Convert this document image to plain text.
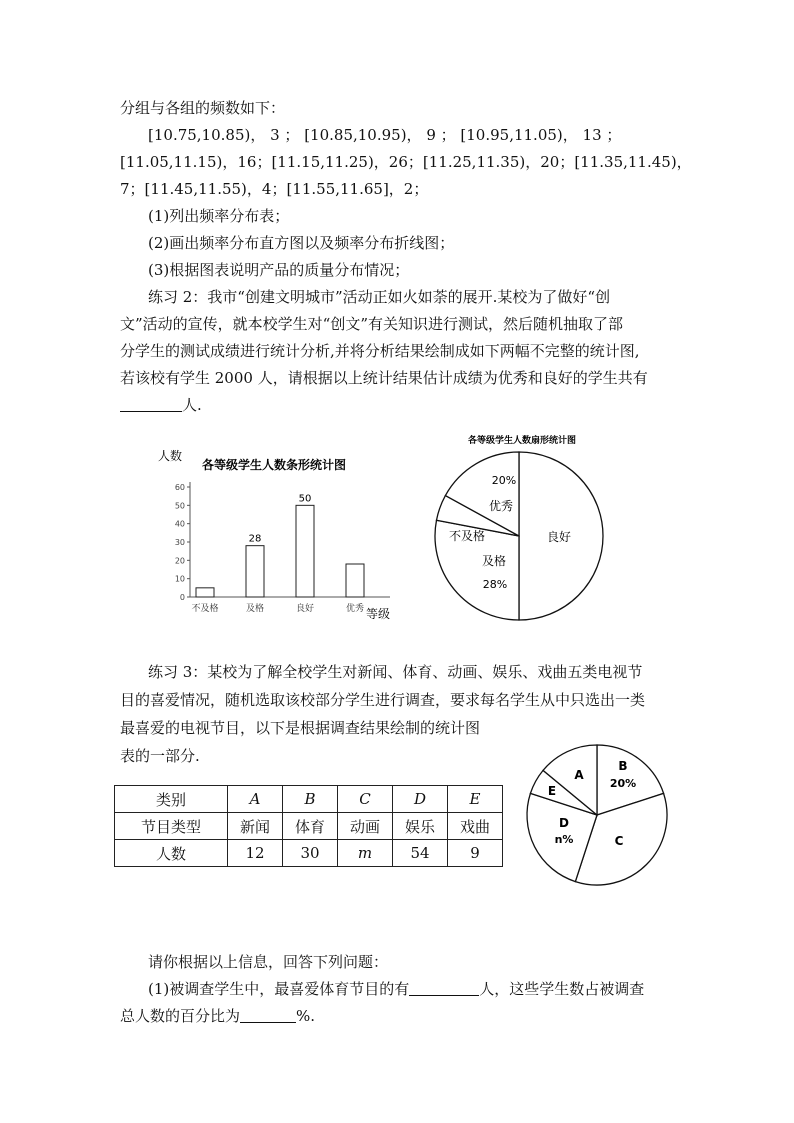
分组与各组的频数如下：
[10.75,10.85)， 3 ； [10.85,10.95)， 9 ； [10.95,11.05)， 13 ；
[11.05,11.15)，16；[11.15,11.25)，26；[11.25,11.35)，20；[11.35,11.45)，
7；[11.45,11.55)，4；[11.55,11.65]，2；
(1)列出频率分布表；
(2)画出频率分布直方图以及频率分布折线图；
(3)根据图表说明产品的质量分布情况；
练习 2：我市“创建文明城市”活动正如火如荼的展开.某校为了做好“创
文”活动的宣传，就本校学生对“创文”有关知识进行测试，然后随机抽取了部
分学生的测试成绩进行统计分析,并将分析结果绘制成如下两幅不完整的统计图,
若该校有学生 2000 人，请根据以上统计结果估计成绩为优秀和良好的学生共有
人.
人数
各等级学生人数条形统计图
等级
0
10
20
30
40
50
60
不及格	及格
28
良好
50
优秀
各等级学生人数扇形统计图
良好
及格
28%
不及格
优秀
20%
练习 3：某校为了解全校学生对新闻、体育、动画、娱乐、戏曲五类电视节
目的喜爱情况，随机选取该校部分学生进行调查，要求每名学生从中只选出一类
最喜爱的电视节目，以下是根据调查结果绘制的统计图
表的一部分.
类别	A	B	C	D	E
节目类型	新闻	体育	动画	娱乐	戏曲
人数	12	30	m	54	9
B
20%
C
D
n%
E
A
请你根据以上信息，回答下列问题：
(1)被调查学生中，最喜爱体育节目的有	人，这些学生数占被调查
总人数的百分比为	%.
